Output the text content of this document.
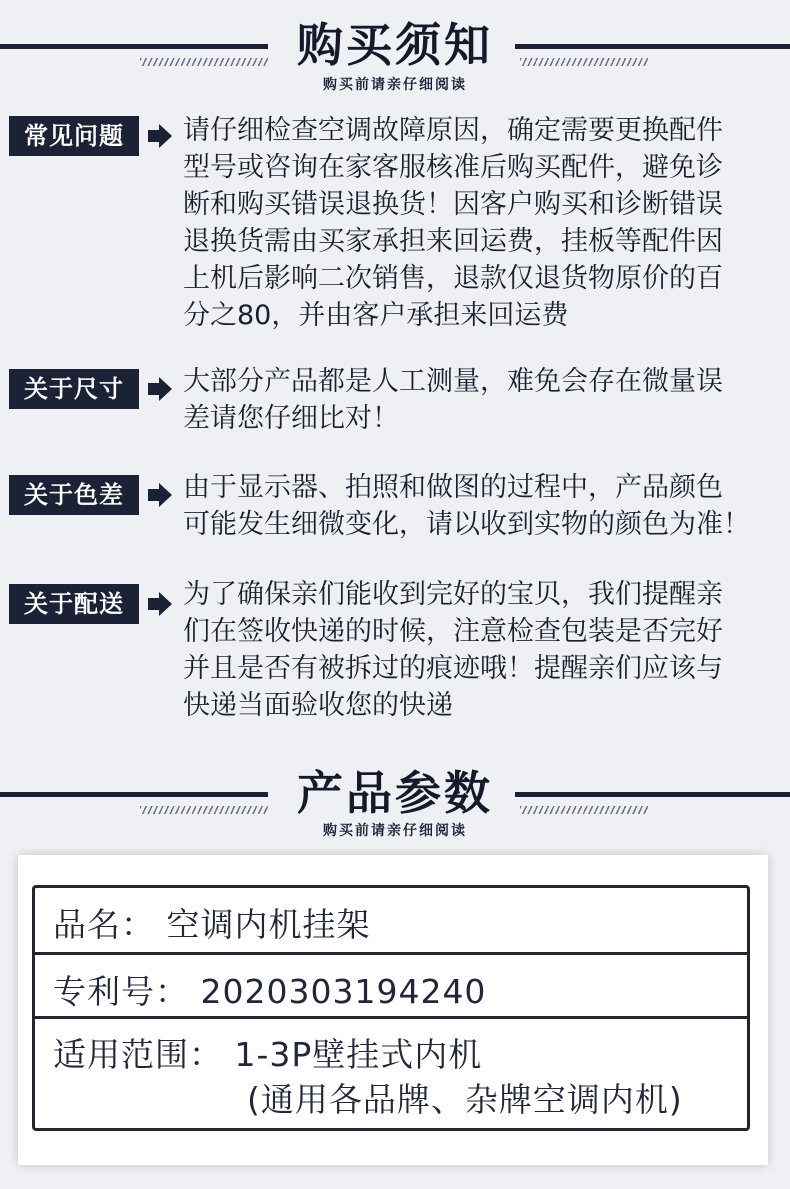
购买须知
购买前请亲仔细阅读
常见问题	请仔细检查空调故障原因，确定需要更换配件
型号或咨询在家客服核准后购买配件，避免诊
断和购买错误退换货！因客户购买和诊断错误
退换货需由买家承担来回运费，挂板等配件因
上机后影响二次销售，退款仅退货物原价的百
分之80，并由客户承担来回运费
关于尺寸	大部分产品都是人工测量，难免会存在微量误
差请您仔细比对！
关于色差	由于显示器、拍照和做图的过程中，产品颜色
可能发生细微变化，请以收到实物的颜色为准！
关于配送	为了确保亲们能收到完好的宝贝，我们提醒亲
们在签收快递的时候，注意检查包装是否完好
并且是否有被拆过的痕迹哦！提醒亲们应该与
快递当面验收您的快递
产品参数
购买前请亲仔细阅读
品名： 空调内机挂架
专利号： 2020303194240
适用范围： 1-3P壁挂式内机
(通用各品牌、杂牌空调内机)
